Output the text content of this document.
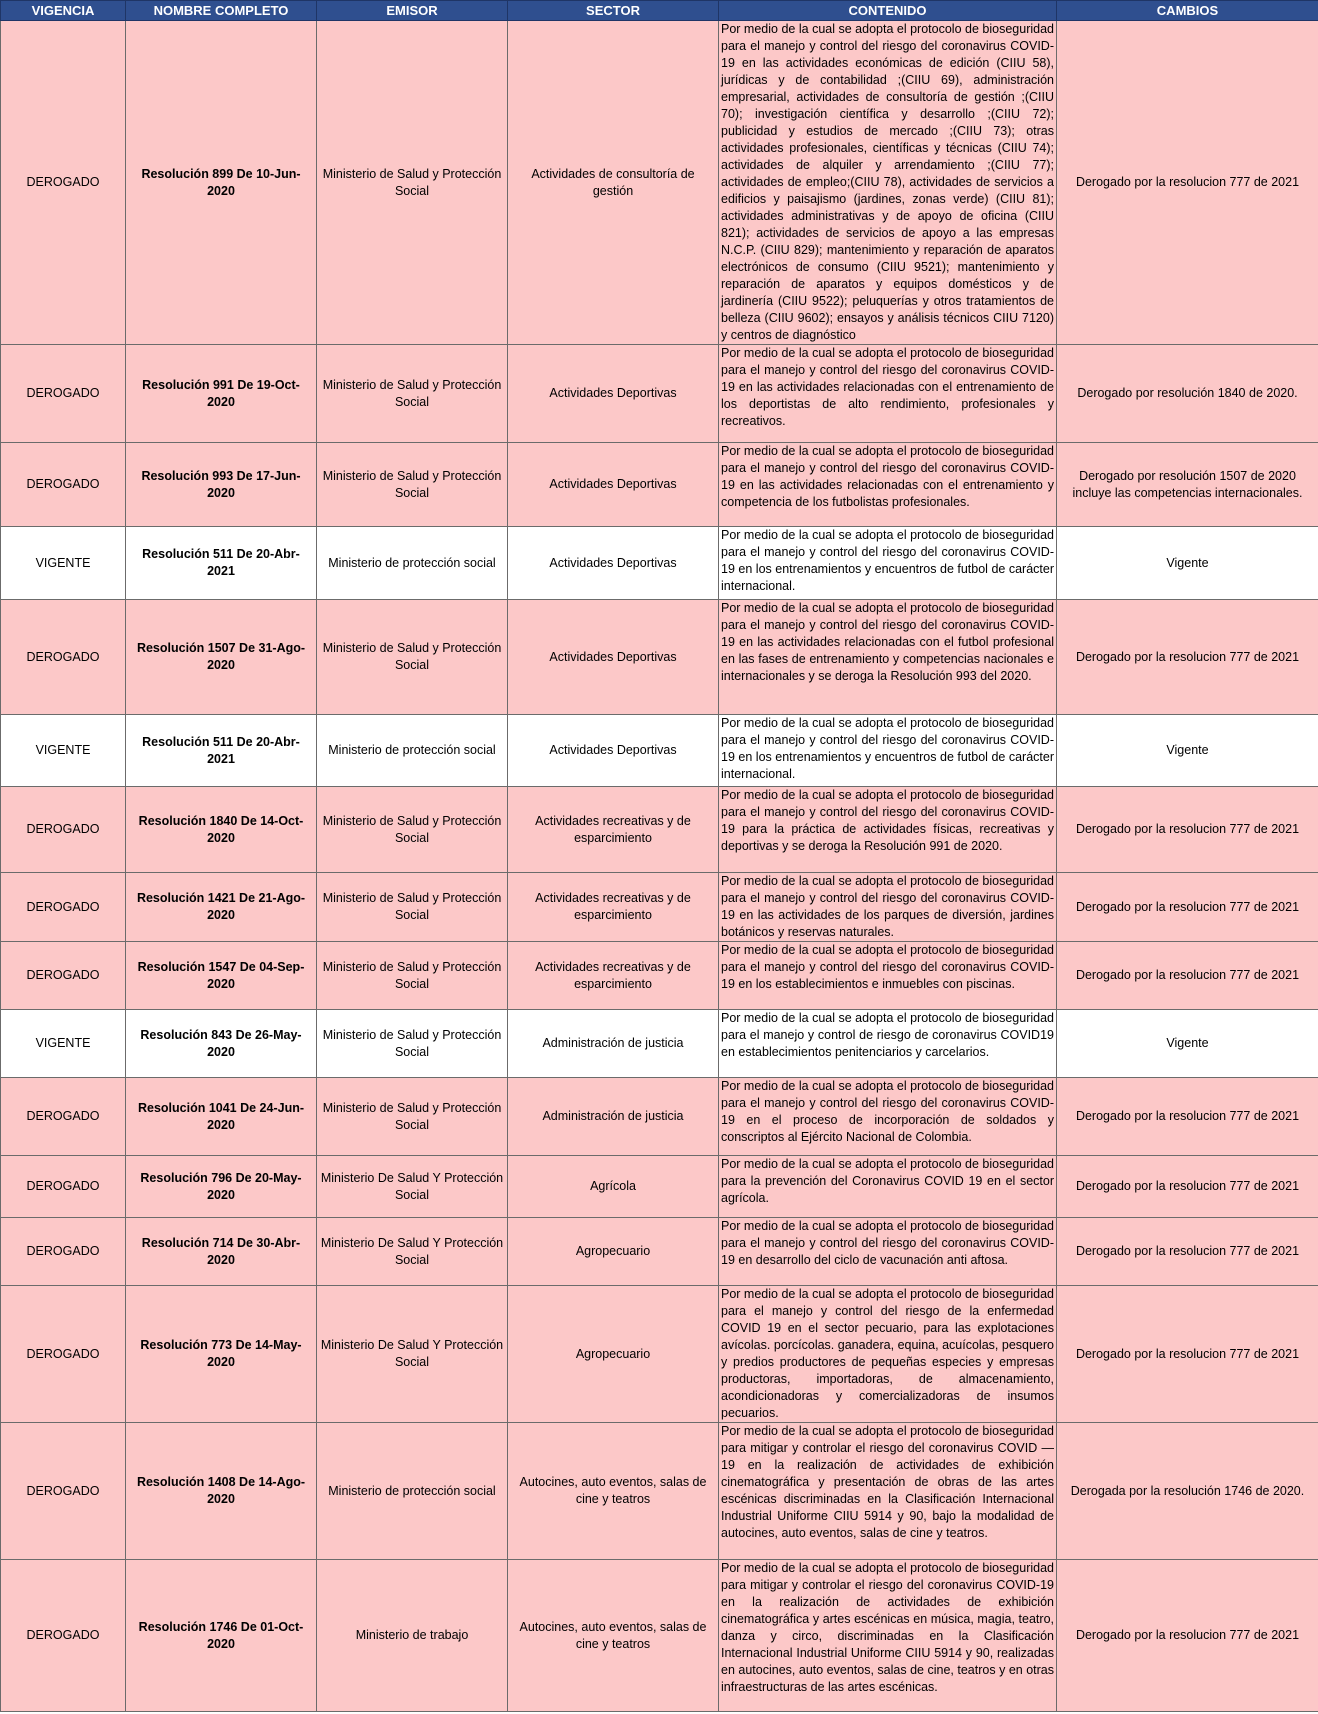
VIGENCIA	NOMBRE COMPLETO	EMISOR	SECTOR	CONTENIDO	CAMBIOS
DEROGADO	Resolución 899 De 10-Jun-2020	Ministerio de Salud y Protección Social	Actividades de consultoría de gestión	Por medio de la cual se adopta el protocolo de bioseguridad para el manejo y control del riesgo del coronavirus COVID-19 en las actividades económicas de edición (CIIU 58), jurídicas y de contabilidad ;(CIIU 69), administración empresarial, actividades de consultoría de gestión ;(CIIU 70); investigación científica y desarrollo ;(CIIU 72); publicidad y estudios de mercado ;(CIIU 73); otras actividades profesionales, científicas y técnicas (CIIU 74); actividades de alquiler y arrendamiento ;(CIIU 77); actividades de empleo;(CIIU 78), actividades de servicios a edificios y paisajismo (jardines, zonas verde) (CIIU 81); actividades administrativas y de apoyo de oficina (CIIU 821); actividades de servicios de apoyo a las empresas N.C.P. (CIIU 829); mantenimiento y reparación de aparatos electrónicos de consumo (CIIU 9521); mantenimiento y reparación de aparatos y equipos domésticos y de jardinería (CIIU 9522); peluquerías y otros tratamientos de belleza (CIIU 9602); ensayos y análisis técnicos CIIU 7120) y centros de diagnóstico	Derogado por la resolucion 777 de 2021
DEROGADO	Resolución 991 De 19-Oct-2020	Ministerio de Salud y Protección Social	Actividades Deportivas	Por medio de la cual se adopta el protocolo de bioseguridad para el manejo y control del riesgo del coronavirus COVID-19 en las actividades relacionadas con el entrenamiento de los deportistas de alto rendimiento, profesionales y recreativos.	Derogado por resolución 1840 de 2020.
DEROGADO	Resolución 993 De 17-Jun-2020	Ministerio de Salud y Protección Social	Actividades Deportivas	Por medio de la cual se adopta el protocolo de bioseguridad para el manejo y control del riesgo del coronavirus COVID-19 en las actividades relacionadas con el entrenamiento y competencia de los futbolistas profesionales.	Derogado por resolución 1507 de 2020 incluye las competencias internacionales.
VIGENTE	Resolución 511 De 20-Abr-2021	Ministerio de protección social	Actividades Deportivas	Por medio de la cual se adopta el protocolo de bioseguridad para el manejo y control del riesgo del coronavirus COVID-19 en los entrenamientos y encuentros de futbol de carácter internacional.	Vigente
DEROGADO	Resolución 1507 De 31-Ago-2020	Ministerio de Salud y Protección Social	Actividades Deportivas	Por medio de la cual se adopta el protocolo de bioseguridad para el manejo y control del riesgo del coronavirus COVID-19 en las actividades relacionadas con el futbol profesional en las fases de entrenamiento y competencias nacionales e internacionales y se deroga la Resolución 993 del 2020.	Derogado por la resolucion 777 de 2021
VIGENTE	Resolución 511 De 20-Abr-2021	Ministerio de protección social	Actividades Deportivas	Por medio de la cual se adopta el protocolo de bioseguridad para el manejo y control del riesgo del coronavirus COVID-19 en los entrenamientos y encuentros de futbol de carácter internacional.	Vigente
DEROGADO	Resolución 1840 De 14-Oct-2020	Ministerio de Salud y Protección Social	Actividades recreativas y de esparcimiento	Por medio de la cual se adopta el protocolo de bioseguridad para el manejo y control del riesgo del coronavirus COVID-19 para la práctica de actividades físicas, recreativas y deportivas y se deroga la Resolución 991 de 2020.	Derogado por la resolucion 777 de 2021
DEROGADO	Resolución 1421 De 21-Ago-2020	Ministerio de Salud y Protección Social	Actividades recreativas y de esparcimiento	Por medio de la cual se adopta el protocolo de bioseguridad para el manejo y control del riesgo del coronavirus COVID-19 en las actividades de los parques de diversión, jardines botánicos y reservas naturales.	Derogado por la resolucion 777 de 2021
DEROGADO	Resolución 1547 De 04-Sep-2020	Ministerio de Salud y Protección Social	Actividades recreativas y de esparcimiento	Por medio de la cual se adopta el protocolo de bioseguridad para el manejo y control del riesgo del coronavirus COVID-19 en los establecimientos e inmuebles con piscinas.	Derogado por la resolucion 777 de 2021
VIGENTE	Resolución 843 De 26-May-2020	Ministerio de Salud y Protección Social	Administración de justicia	Por medio de la cual se adopta el protocolo de bioseguridad para el manejo y control de riesgo de coronavirus COVID19 en establecimientos penitenciarios y carcelarios.	Vigente
DEROGADO	Resolución 1041 De 24-Jun-2020	Ministerio de Salud y Protección Social	Administración de justicia	Por medio de la cual se adopta el protocolo de bioseguridad para el manejo y control del riesgo del coronavirus COVID-19 en el proceso de incorporación de soldados y conscriptos al Ejército Nacional de Colombia.	Derogado por la resolucion 777 de 2021
DEROGADO	Resolución 796 De 20-May-2020	Ministerio De Salud Y Protección Social	Agrícola	Por medio de la cual se adopta el protocolo de bioseguridad para la prevención del Coronavirus COVID 19 en el sector agrícola.	Derogado por la resolucion 777 de 2021
DEROGADO	Resolución 714 De 30-Abr-2020	Ministerio De Salud Y Protección Social	Agropecuario	Por medio de la cual se adopta el protocolo de bioseguridad para el manejo y control del riesgo del coronavirus COVID-19 en desarrollo del ciclo de vacunación anti aftosa.	Derogado por la resolucion 777 de 2021
DEROGADO	Resolución 773 De 14-May-2020	Ministerio De Salud Y Protección Social	Agropecuario	Por medio de la cual se adopta el protocolo de bioseguridad para el manejo y control del riesgo de la enfermedad COVID 19 en el sector pecuario, para las explotaciones avícolas. porcícolas. ganadera, equina, acuícolas, pesquero y predios productores de pequeñas especies y empresas productoras, importadoras, de almacenamiento, acondicionadoras y comercializadoras de insumos pecuarios.	Derogado por la resolucion 777 de 2021
DEROGADO	Resolución 1408 De 14-Ago-2020	Ministerio de protección social	Autocines, auto eventos, salas de cine y teatros	Por medio de la cual se adopta el protocolo de bioseguridad para mitigar y controlar el riesgo del coronavirus COVID — 19 en la realización de actividades de exhibición cinematográfica y presentación de obras de las artes escénicas discriminadas en la Clasificación Internacional Industrial Uniforme CIIU 5914 y 90, bajo la modalidad de autocines, auto eventos, salas de cine y teatros.	Derogada por la resolución 1746 de 2020.
DEROGADO	Resolución 1746 De 01-Oct-2020	Ministerio de trabajo	Autocines, auto eventos, salas de cine y teatros	Por medio de la cual se adopta el protocolo de bioseguridad para mitigar y controlar el riesgo del coronavirus COVID-19 en la realización de actividades de exhibición cinematográfica y artes escénicas en música, magia, teatro, danza y circo, discriminadas en la Clasificación Internacional Industrial Uniforme CIIU 5914 y 90, realizadas en autocines, auto eventos, salas de cine, teatros y en otras infraestructuras de las artes escénicas.	Derogado por la resolucion 777 de 2021
